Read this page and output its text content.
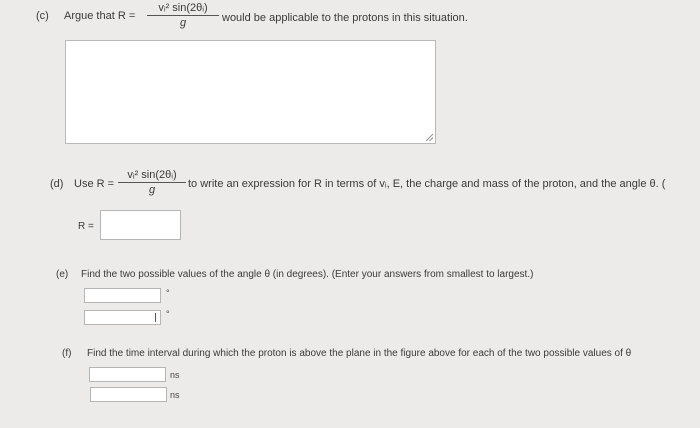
(c) Argue that $R = \frac{\text{vᵢ² sin(2θᵢ)}}{g}$ would be applicable to the protons in this situation.
(d) Use $R = \frac{\text{vᵢ² sin(2θᵢ)}}{g}$ to write an expression for R in terms of vᵢ, E, the charge and mass of the proton, and the angle θ. (
R =
(e) Find the two possible values of the angle θ (in degrees). (Enter your answers from smallest to largest.)
°
°
(f) Find the time interval during which the proton is above the plane in the figure above for each of the two possible values of θ
ns
ns
